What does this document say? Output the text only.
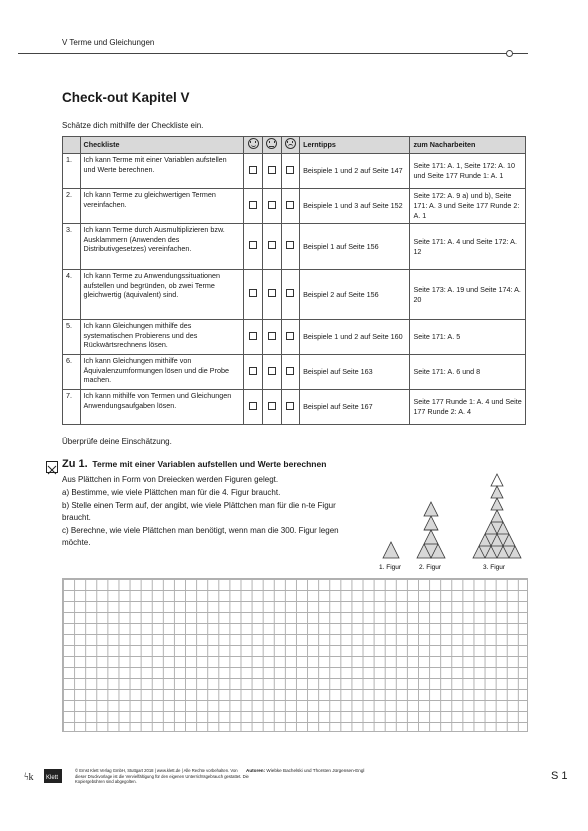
V Terme und Gleichungen
Check-out Kapitel V
Schätze dich mithilfe der Checkliste ein.
	Checkliste				Lerntipps	zum Nacharbeiten
1.	Ich kann Terme mit einer Variablen aufstellen und Werte berechnen.				Beispiele 1 und 2 auf Seite 147	Seite 171: A. 1, Seite 172: A. 10 und Seite 177 Runde 1: A. 1
2.	Ich kann Terme zu gleichwertigen Termen vereinfachen.				Beispiele 1 und 3 auf Seite 152	Seite 172: A. 9 a) und b), Seite 171: A. 3 und Seite 177 Runde 2: A. 1
3.	Ich kann Terme durch Ausmultiplizieren bzw. Ausklammern (Anwenden des Distributivgesetzes) vereinfachen.				Beispiel 1 auf Seite 156	Seite 171: A. 4 und Seite 172: A. 12
4.	Ich kann Terme zu Anwendungssituationen aufstellen und begründen, ob zwei Terme gleichwertig (äquivalent) sind.				Beispiel 2 auf Seite 156	Seite 173: A. 19 und Seite 174: A. 20
5.	Ich kann Gleichungen mithilfe des systematischen Probierens und des Rückwärtsrechnens lösen.				Beispiele 1 und 2 auf Seite 160	Seite 171: A. 5
6.	Ich kann Gleichungen mithilfe von Äquivalenzumformungen lösen und die Probe machen.				Beispiel auf Seite 163	Seite 171: A. 6 und 8
7.	Ich kann mithilfe von Termen und Gleichungen Anwendungsaufgaben lösen.				Beispiel auf Seite 167	Seite 177 Runde 1: A. 4 und Seite 177 Runde 2: A. 4
Überprüfe deine Einschätzung.
Zu 1. Terme mit einer Variablen aufstellen und Werte berechnen
Aus Plättchen in Form von Dreiecken werden Figuren gelegt.
a) Bestimme, wie viele Plättchen man für die 4. Figur braucht.
b) Stelle einen Term auf, der angibt, wie viele Plättchen man für die n-te Figur braucht.
c) Berechne, wie viele Plättchen man benötigt, wenn man die 300. Figur legen möchte.
1. Figur	2. Figur	3. Figur
ϟk Klett
© Ernst Klett Verlag GmbH, Stuttgart 2018 | www.klett.de | Alle Rechte vorbehalten. Von dieser Druckvorlage ist die Vervielfältigung für den eigenen Unterrichtsgebrauch gestattet. Die Kopiergebühren sind abgegolten.
Autoren: Wiebke Bachelski und Thorsten Jürgensen-Engl	S 1
